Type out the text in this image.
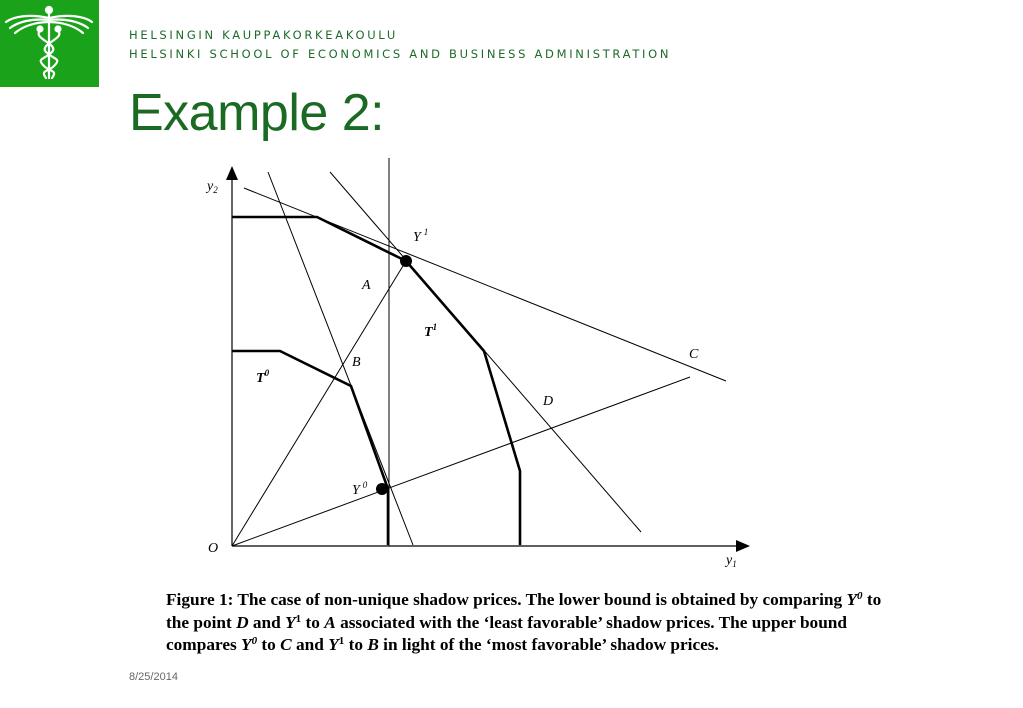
HELSINGIN KAUPPAKORKEAKOULU
HELSINKI SCHOOL OF ECONOMICS AND BUSINESS ADMINISTRATION
Example 2:
$y_2$
$y_1$
O
Y $^1$
Y $^0$
A
B
C
D
$T^1$
$T^0$
Figure 1: The case of non-unique shadow prices. The lower bound is obtained by comparing $Y^0$ to the point D and $Y^1$ to A associated with the ‘least favorable’ shadow prices. The upper bound compares $Y^0$ to C and $Y^1$ to B in light of the ‘most favorable’ shadow prices.
8/25/2014
